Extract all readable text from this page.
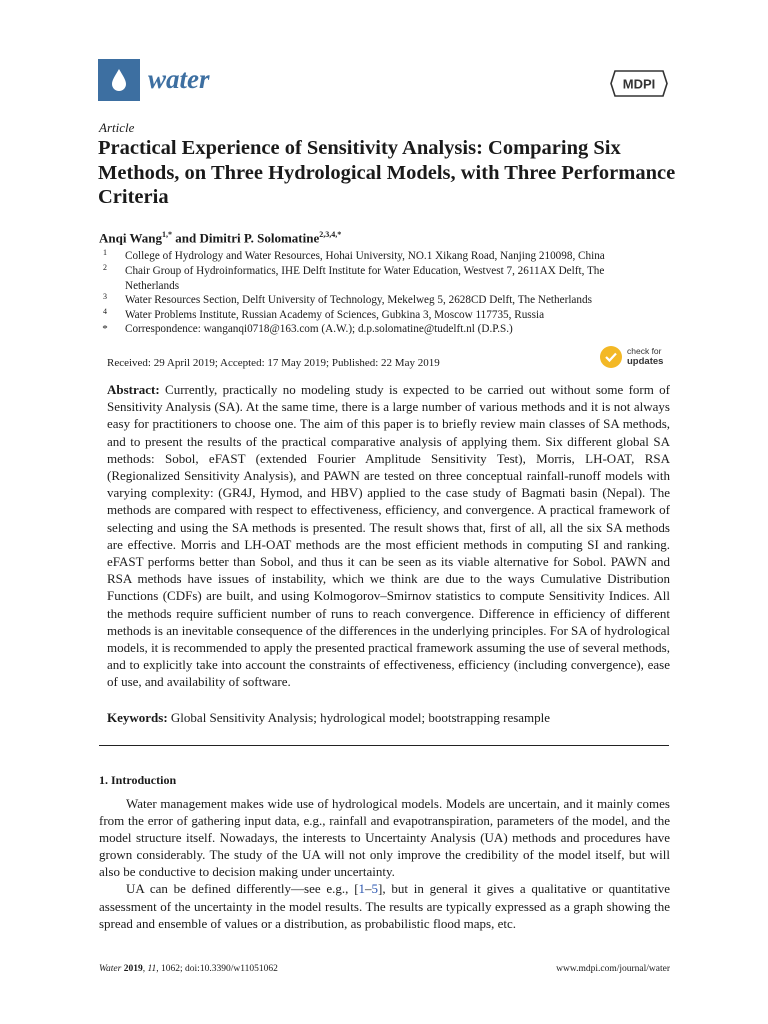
water	MDPI
Article
Practical Experience of Sensitivity Analysis: Comparing Six Methods, on Three Hydrological Models, with Three Performance Criteria
Anqi Wang$^{1,*}$ and Dimitri P. Solomatine$^{2,3,4,*}$
1	College of Hydrology and Water Resources, Hohai University, NO.1 Xikang Road, Nanjing 210098, China
2	Chair Group of Hydroinformatics, IHE Delft Institute for Water Education, Westvest 7, 2611AX Delft, The Netherlands
3	Water Resources Section, Delft University of Technology, Mekelweg 5, 2628CD Delft, The Netherlands
4	Water Problems Institute, Russian Academy of Sciences, Gubkina 3, Moscow 117735, Russia
* Correspondence: wanganqi0718@163.com (A.W.); d.p.solomatine@tudelft.nl (D.P.S.)
Received: 29 April 2019; Accepted: 17 May 2019; Published: 22 May 2019
check for
updates
Abstract: Currently, practically no modeling study is expected to be carried out without some form of Sensitivity Analysis (SA). At the same time, there is a large number of various methods and it is not always easy for practitioners to choose one. The aim of this paper is to briefly review main classes of SA methods, and to present the results of the practical comparative analysis of applying them. Six different global SA methods: Sobol, eFAST (extended Fourier Amplitude Sensitivity Test), Morris, LH-OAT, RSA (Regionalized Sensitivity Analysis), and PAWN are tested on three conceptual rainfall-runoff models with varying complexity: (GR4J, Hymod, and HBV) applied to the case study of Bagmati basin (Nepal). The methods are compared with respect to effectiveness, efficiency, and convergence. A practical framework of selecting and using the SA methods is presented. The result shows that, first of all, all the six SA methods are effective. Morris and LH-OAT methods are the most efficient methods in computing SI and ranking. eFAST performs better than Sobol, and thus it can be seen as its viable alternative for Sobol. PAWN and RSA methods have issues of instability, which we think are due to the ways Cumulative Distribution Functions (CDFs) are built, and using Kolmogorov–Smirnov statistics to compute Sensitivity Indices. All the methods require sufficient number of runs to reach convergence. Difference in efficiency of different methods is an inevitable consequence of the differences in the underlying principles. For SA of hydrological models, it is recommended to apply the presented practical framework assuming the use of several methods, and to explicitly take into account the constraints of effectiveness, efficiency (including convergence), ease of use, and availability of software.
Keywords: Global Sensitivity Analysis; hydrological model; bootstrapping resample
1. Introduction

Water management makes wide use of hydrological models. Models are uncertain, and it mainly comes from the error of gathering input data, e.g., rainfall and evapotranspiration, parameters of the model, and the model structure itself. Nowadays, the interests to Uncertainty Analysis (UA) methods and procedures have grown considerably. The study of the UA will not only improve the credibility of the model itself, but will also be conductive to decision making under uncertainty.

UA can be defined differently—see e.g., [1–5], but in general it gives a qualitative or quantitative assessment of the uncertainty in the model results. The results are typically expressed as a graph showing the spread and ensemble of values or a distribution, as probabilistic flood maps, etc.

Water 2019, 11, 1062; doi:10.3390/w11051062	www.mdpi.com/journal/water
